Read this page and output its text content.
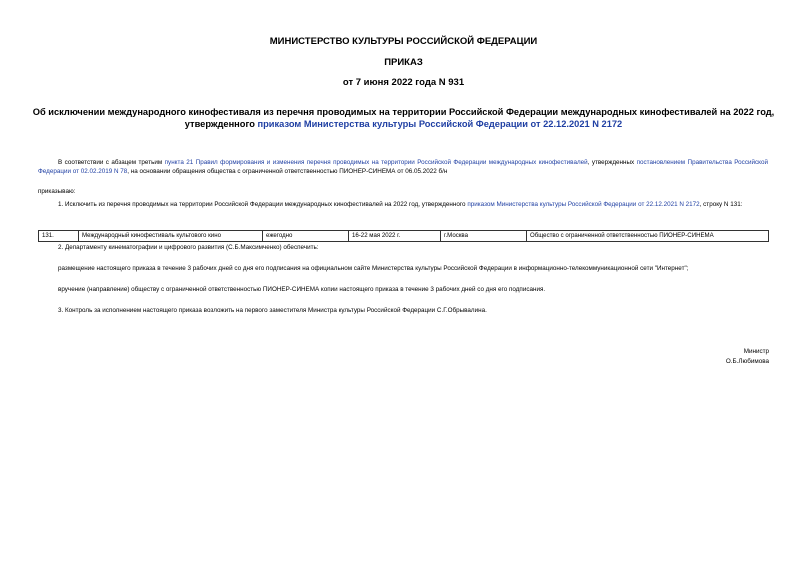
МИНИСТЕРСТВО КУЛЬТУРЫ РОССИЙСКОЙ ФЕДЕРАЦИИ
ПРИКАЗ
от 7 июня 2022 года N 931
Об исключении международного кинофестиваля из перечня проводимых на территории Российской Федерации международных кинофестивалей на 2022 год,
утвержденного приказом Министерства культуры Российской Федерации от 22.12.2021 N 2172
В соответствии с абзацем третьим пункта 21 Правил формирования и изменения перечня проводимых на территории Российской Федерации международных кинофестивалей, утвержденных постановлением Правительства Российской Федерации от 02.02.2019 N 78, на основании обращения общества с ограниченной ответственностью ПИОНЕР-СИНЕМА от 06.05.2022 б/н
приказываю:
1. Исключить из перечня проводимых на территории Российской Федерации международных кинофестивалей на 2022 год, утвержденного приказом Министерства культуры Российской Федерации от 22.12.2021 N 2172, строку N 131:
131.	Международный кинофестиваль культового кино	ежегодно	16-22 мая 2022 г.	г.Москва	Общество с ограниченной ответственностью ПИОНЕР-СИНЕМА
2. Департаменту кинематографии и цифрового развития (С.Б.Максимченко) обеспечить:
размещение настоящего приказа в течение 3 рабочих дней со дня его подписания на официальном сайте Министерства культуры Российской Федерации в информационно-телекоммуникационной сети "Интернет";
вручение (направление) обществу с ограниченной ответственностью ПИОНЕР-СИНЕМА копии настоящего приказа в течение 3 рабочих дней со дня его подписания.
3. Контроль за исполнением настоящего приказа возложить на первого заместителя Министра культуры Российской Федерации С.Г.Обрывалина.
Министр
О.Б.Любимова
